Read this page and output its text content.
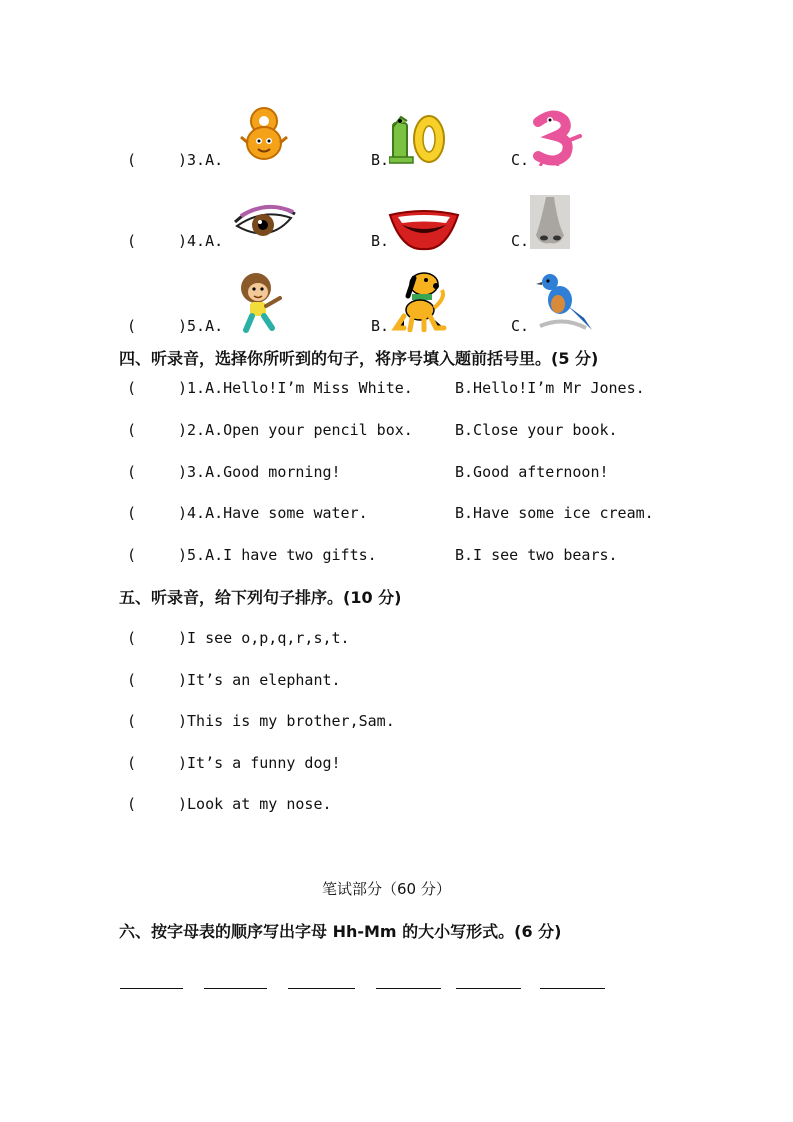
(	)3.A.	B.	C.
(	)4.A.	B.	C.
(	)5.A.	B.	C.
四、听录音，选择你所听到的句子，将序号填入题前括号里。(5 分)
(	)1.A.Hello!I’m Miss White.	B.Hello!I’m Mr Jones.
(	)2.A.Open your pencil box.	B.Close your book.
(	)3.A.Good morning!	B.Good afternoon!
(	)4.A.Have some water.	B.Have some ice cream.
(	)5.A.I have two gifts.	B.I see two bears.
五、听录音，给下列句子排序。(10 分)
(	)I see o,p,q,r,s,t.
(	)It’s an elephant.
(	)This is my brother,Sam.
(	)It’s a funny dog!
(	)Look at my nose.
笔试部分（60 分）
六、按字母表的顺序写出字母 Hh-Mm 的大小写形式。(6 分)
